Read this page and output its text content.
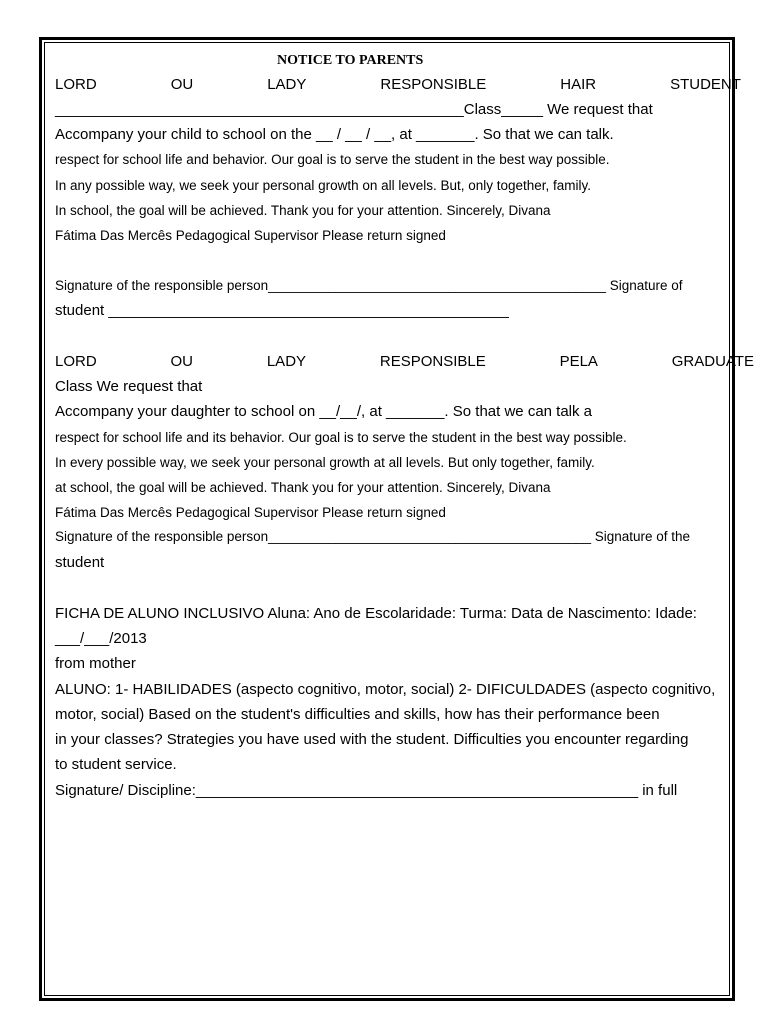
NOTICE TO PARENTS
LORD	OU	LADY	RESPONSIBLE	HAIR	STUDENT
_________________________________________________Class_____ We request that
Accompany your child to school on the __ / __ / __, at _______. So that we can talk.
respect for school life and behavior. Our goal is to serve the student in the best way possible.
In any possible way, we seek your personal growth on all levels. But, only together, family.
In school, the goal will be achieved. Thank you for your attention. Sincerely, Divana
Fátima Das Mercês Pedagogical Supervisor Please return signed
Signature of the responsible person_____________________________________________ Signature of
student ________________________________________________
LORD	OU	LADY	RESPONSIBLE	PELA	GRADUATE
Class We request that
Accompany your daughter to school on __/__/, at _______. So that we can talk a
respect for school life and its behavior. Our goal is to serve the student in the best way possible.
In every possible way, we seek your personal growth at all levels. But only together, family.
at school, the goal will be achieved. Thank you for your attention. Sincerely, Divana
Fátima Das Mercês Pedagogical Supervisor Please return signed
Signature of the responsible person___________________________________________ Signature of the
student
FICHA DE ALUNO INCLUSIVO Aluna: Ano de Escolaridade: Turma: Data de Nascimento: Idade:
___/___/2013
from mother
ALUNO: 1- HABILIDADES (aspecto cognitivo, motor, social) 2- DIFICULDADES (aspecto cognitivo,
motor, social) Based on the student's difficulties and skills, how has their performance been
in your classes? Strategies you have used with the student. Difficulties you encounter regarding
to student service.
Signature/ Discipline:_____________________________________________________ in full
